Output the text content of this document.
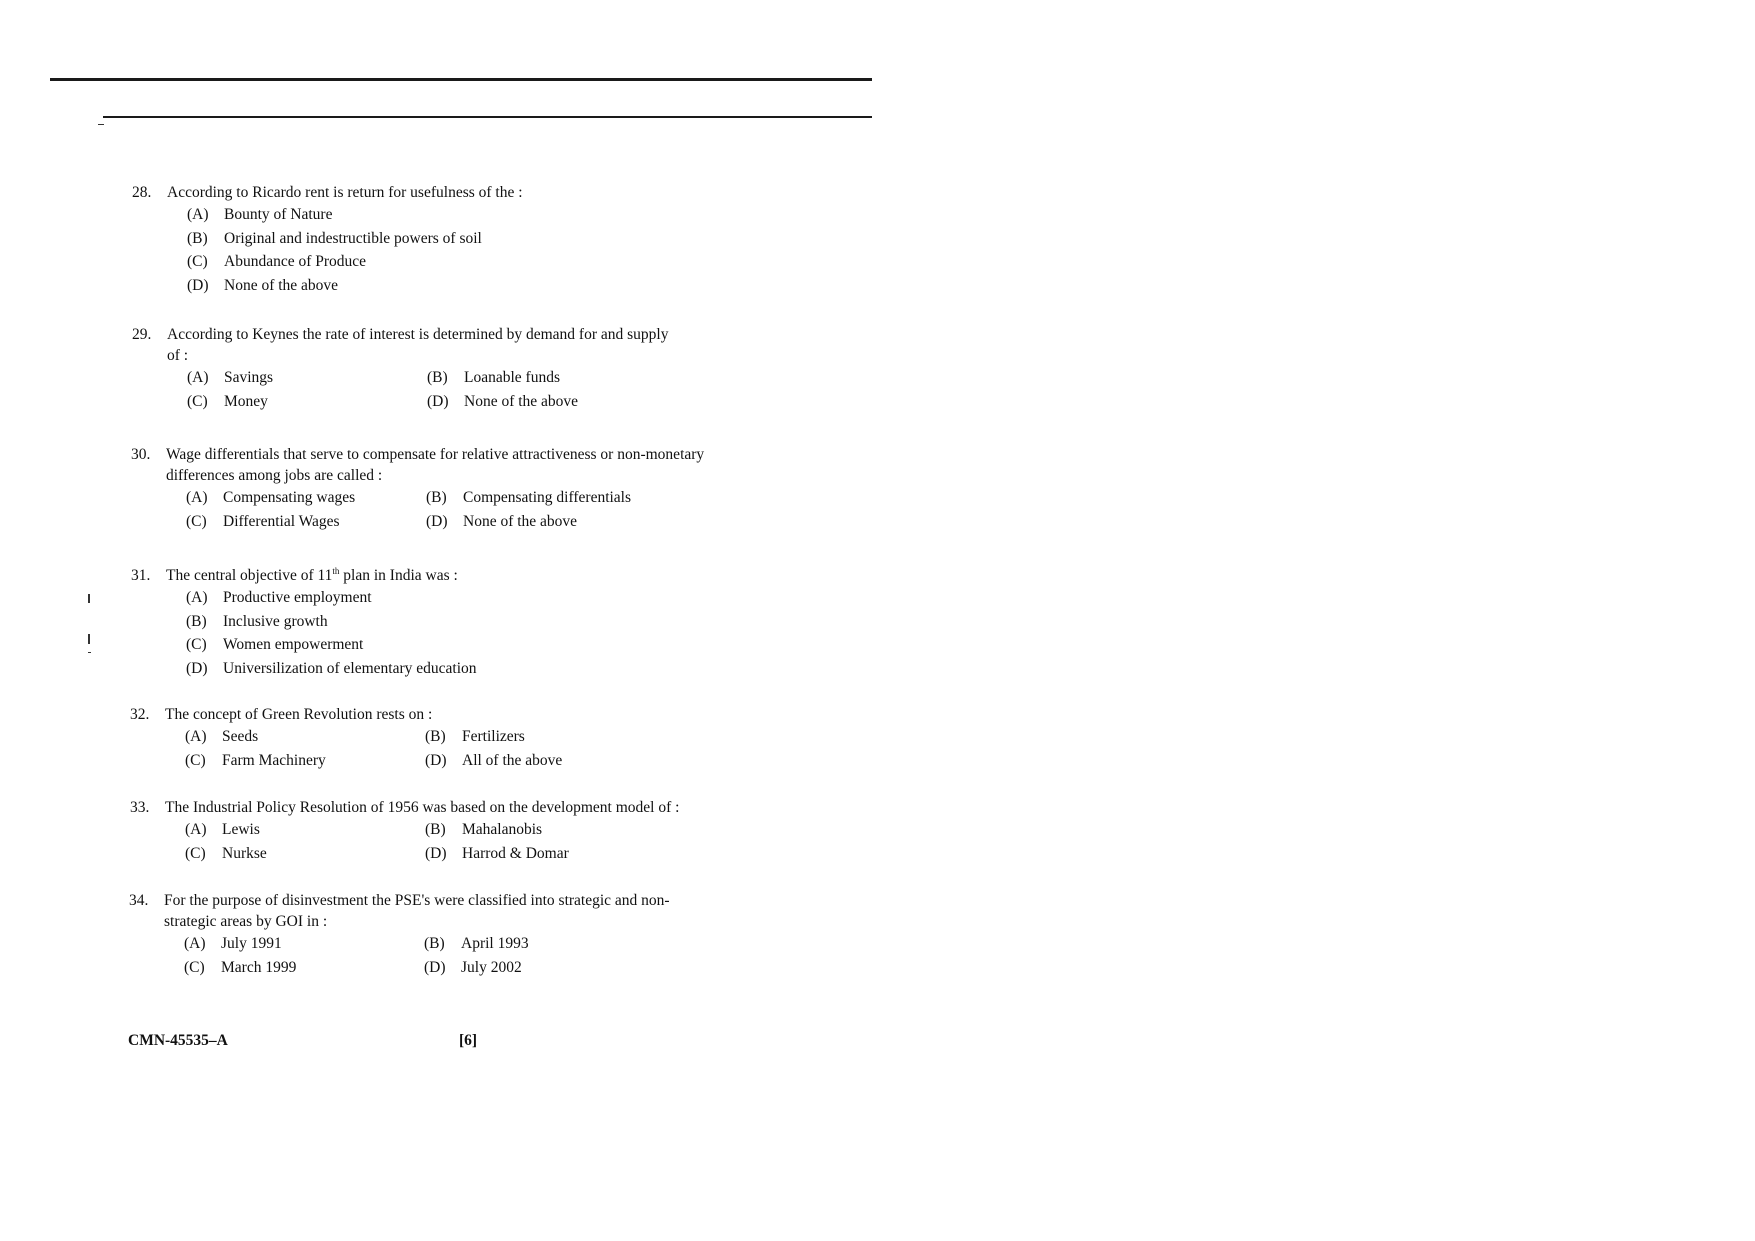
28. According to Ricardo rent is return for usefulness of the :
(A) Bounty of Nature
(B)	Original and indestructible powers of soil
(C)	Abundance of Produce
(D) None of the above
29. According to Keynes the rate of interest is determined by demand for and supply
of :
(A) Savings	(B)	Loanable funds
(C)	Money	(D) None of the above
30. Wage differentials that serve to compensate for relative attractiveness or non-monetary
differences among jobs are called :
(A) Compensating wages	(B)	Compensating differentials
(C)	Differential Wages	(D) None of the above
31. The central objective of 11th plan in India was :
(A) Productive employment
(B)	Inclusive growth
(C)	Women empowerment
(D) Universilization of elementary education
32. The concept of Green Revolution rests on :
(A) Seeds	(B)	Fertilizers
(C)	Farm Machinery	(D) All of the above
33. The Industrial Policy Resolution of 1956 was based on the development model of :
(A) Lewis	(B)	Mahalanobis
(C)	Nurkse	(D) Harrod & Domar
34. For the purpose of disinvestment the PSE's were classified into strategic and non-
strategic areas by GOI in :
(A) July 1991	(B)	April 1993
(C)	March 1999	(D) July 2002
CMN-45535–A	[6]
